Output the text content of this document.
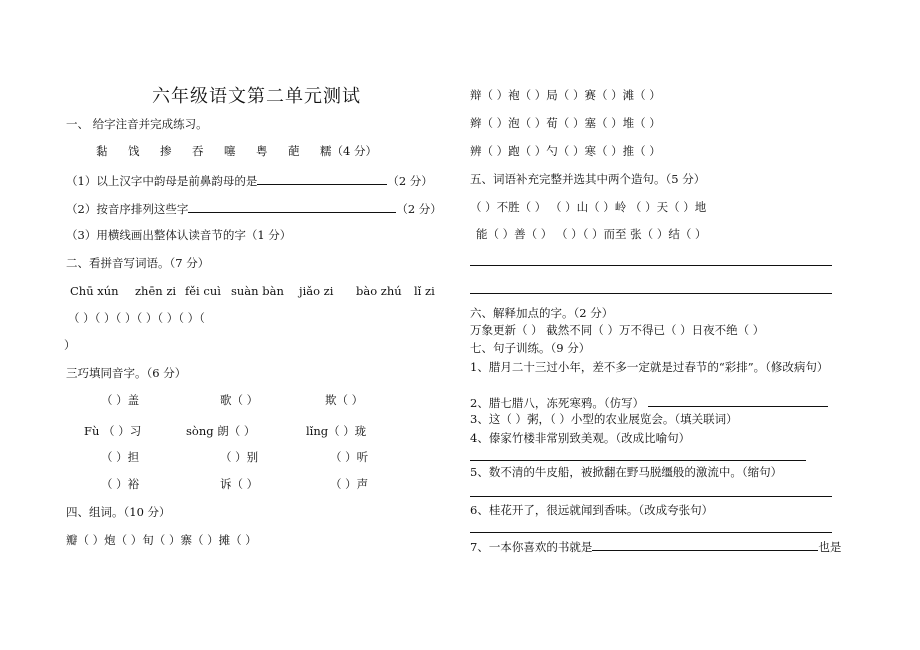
六年级语文第二单元测试
一、 给字注音并完成练习。
黏 饯 掺 吞 噻 粤 葩 糯（4 分）
（1）以上汉字中韵母是前鼻韵母的是	（2 分）
（2）按音序排列这些字	（2 分）
（3）用横线画出整体认读音节的字（1 分）
二、看拼音写词语。（7 分）
Chū xún zhēn zi fěi cuì suàn bàn jiǎo zi bào zhú lǐ zi
（ ）（ ）（ ）（ ）（ ）（ ）（
）
三巧填同音字。（6 分）
（ ）盖	歌（ ）	欺（ ）
Fù （ ）习	sòng 朗（ ）	lǐng（ ）珑
（ ）担	（ ）别	（ ）听
（ ）裕	诉（ ）	（ ）声
四、组词。（10 分）
瓣（ ）炮（ ）旬（ ）寨（ ）摊（ ）
辩（ ）袍（ ）局（ ）赛（ ）滩（ ）
辫（ ）泡（ ）荀（ ）塞（ ）堆（ ）
辨（ ）跑（ ）勺（ ）寒（ ）推（ ）
五、词语补充完整并选其中两个造句。（5 分）
（ ）不胜（ ） （ ）山（ ）岭 （ ）天（ ）地
能（ ）善（ ） （ ）（ ）而至 张（ ）结（ ）
六、解释加点的字。（2 分）
万象更新（ ） 截然不同（ ）万不得已（ ）日夜不绝（ ）
七、句子训练。（9 分）
1、腊月二十三过小年，差不多一定就是过春节的“彩排”。（修改病句）
2、腊七腊八，冻死寒鸦。（仿写）
3、这（ ）粥，（ ）小型的农业展览会。（填关联词）
4、傣家竹楼非常别致美观。（改成比喻句）
5、数不清的牛皮船，被掀翻在野马脱缰般的激流中。（缩句）
6、桂花开了，很远就闻到香味。（改成夸张句）
7、一本你喜欢的书就是	也是
